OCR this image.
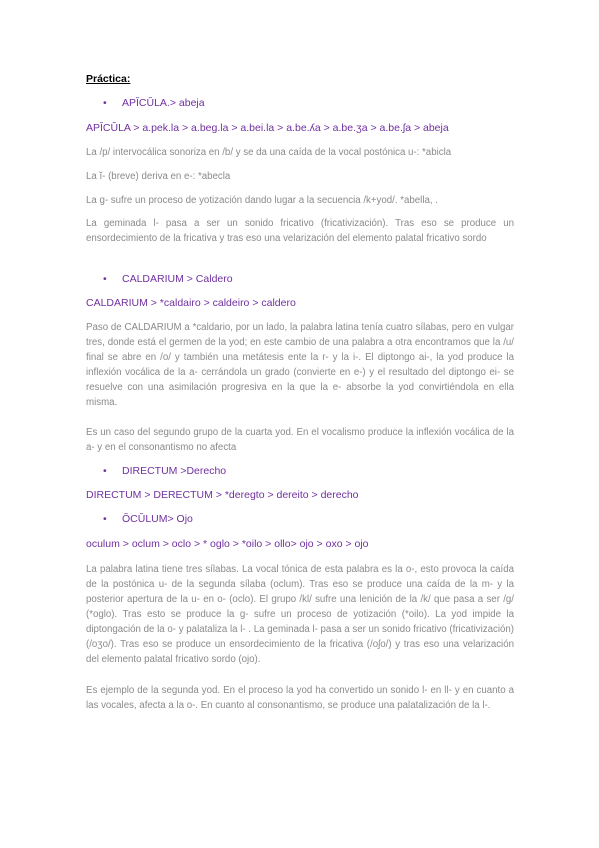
Práctica:
• APĬCŬLA.> abeja
APĬCŬLA > a.pek.la > a.beg.la > a.bei.la > a.be.ʎa > a.be.ʒa > a.be.ʃa > abeja
La /p/ intervocálica sonoriza en /b/ y se da una caída de la vocal postónica u-: *abicla
La ĭ- (breve) deriva en e-: *abecla
La g- sufre un proceso de yotización dando lugar a la secuencia /k+yod/. *abella, .
La geminada l- pasa a ser un sonido fricativo (fricativización). Tras eso se produce un ensordecimiento de la fricativa y tras eso una velarización del elemento palatal fricativo sordo
• CALDARIUM > Caldero
CALDARIUM > *caldairo > caldeiro > caldero
Paso de CALDARIUM a *caldario, por un lado, la palabra latina tenía cuatro sílabas, pero en vulgar tres, donde está el germen de la yod; en este cambio de una palabra a otra encontramos que la /u/ final se abre en /o/ y también una metátesis ente la r- y la i-. El diptongo ai-, la yod produce la inflexión vocálica de la a- cerrándola un grado (convierte en e-) y el resultado del diptongo ei- se resuelve con una asimilación progresiva en la que la e- absorbe la yod convirtiéndola en ella misma.
Es un caso del segundo grupo de la cuarta yod. En el vocalismo produce la inflexión vocálica de la a- y en el consonantismo no afecta
• DIRECTUM >Derecho
DIRECTUM > DERECTUM > *deregto > dereito > derecho
• ŎCŬLUM> Ojo
oculum > oclum > oclo > * oglo > *oilo > ollo> ojo > oxo > ojo
La palabra latina tiene tres sílabas. La vocal tónica de esta palabra es la o-, esto provoca la caída de la postónica u- de la segunda sílaba (oclum). Tras eso se produce una caída de la m- y la posterior apertura de la u- en o- (oclo). El grupo /kl/ sufre una lenición de la /k/ que pasa a ser /g/ (*oglo). Tras esto se produce la g- sufre un proceso de yotización (*oilo). La yod impide la diptongación de la o- y palataliza la l- . La geminada l- pasa a ser un sonido fricativo (fricativización) (/oʒo/). Tras eso se produce un ensordecimiento de la fricativa (/oʃo/) y tras eso una velarización del elemento palatal fricativo sordo (ojo).
Es ejemplo de la segunda yod. En el proceso la yod ha convertido un sonido l- en ll- y en cuanto a las vocales, afecta a la o-. En cuanto al consonantismo, se produce una palatalización de la l-.
